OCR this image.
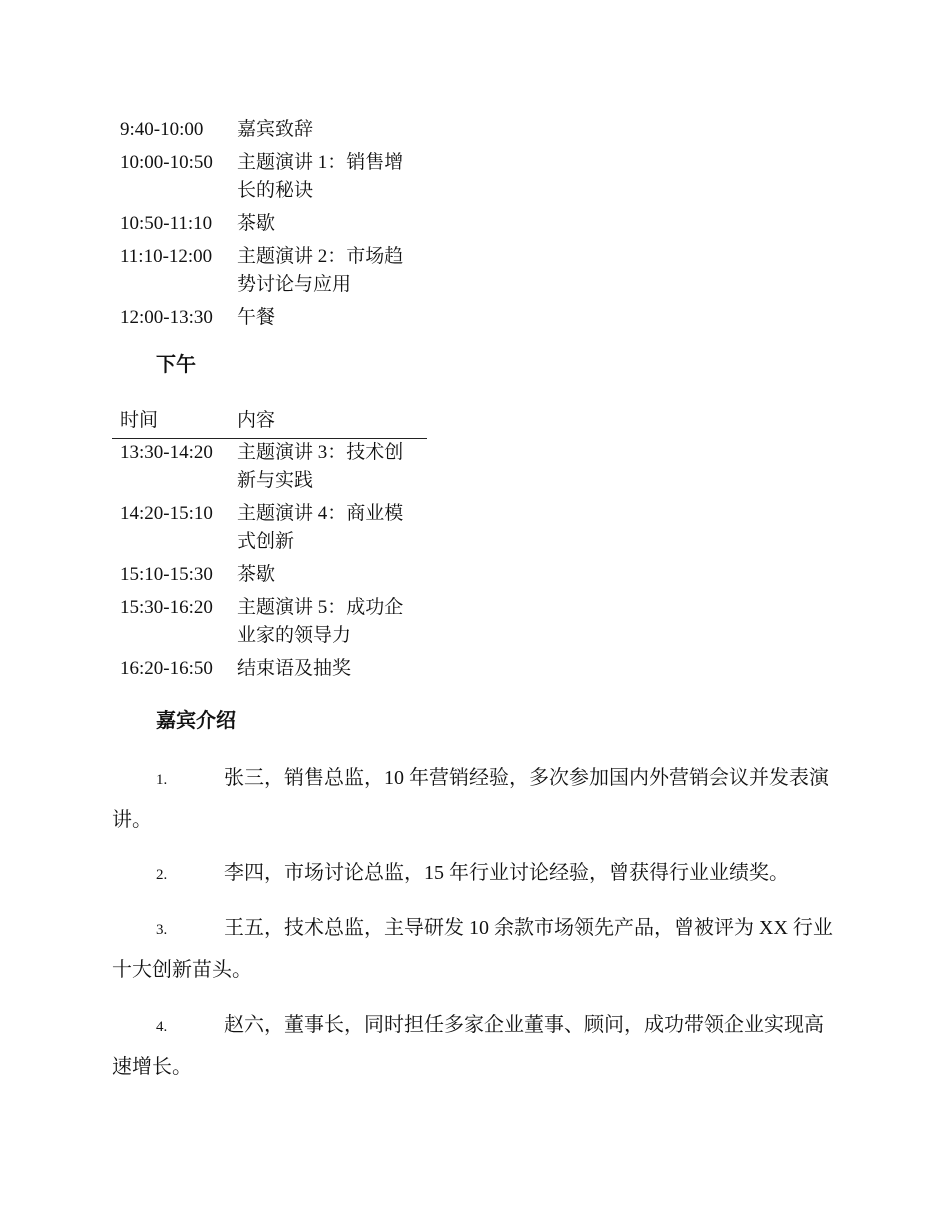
9:40-10:00	嘉宾致辞
10:00-10:50	主题演讲 1：销售增长的秘诀
10:50-11:10	茶歇
11:10-12:00	主题演讲 2：市场趋势讨论与应用
12:00-13:30	午餐
下午
时间	内容
13:30-14:20	主题演讲 3：技术创新与实践
14:20-15:10	主题演讲 4：商业模式创新
15:10-15:30	茶歇
15:30-16:20	主题演讲 5：成功企业家的领导力
16:20-16:50	结束语及抽奖
嘉宾介绍
1.	张三，销售总监，10 年营销经验，多次参加国内外营销会议并发表演讲。
2.	李四，市场讨论总监，15 年行业讨论经验，曾获得行业业绩奖。
3.	王五，技术总监，主导研发 10 余款市场领先产品，曾被评为 XX 行业十大创新苗头。
4.	赵六，董事长，同时担任多家企业董事、顾问，成功带领企业实现高速增长。
